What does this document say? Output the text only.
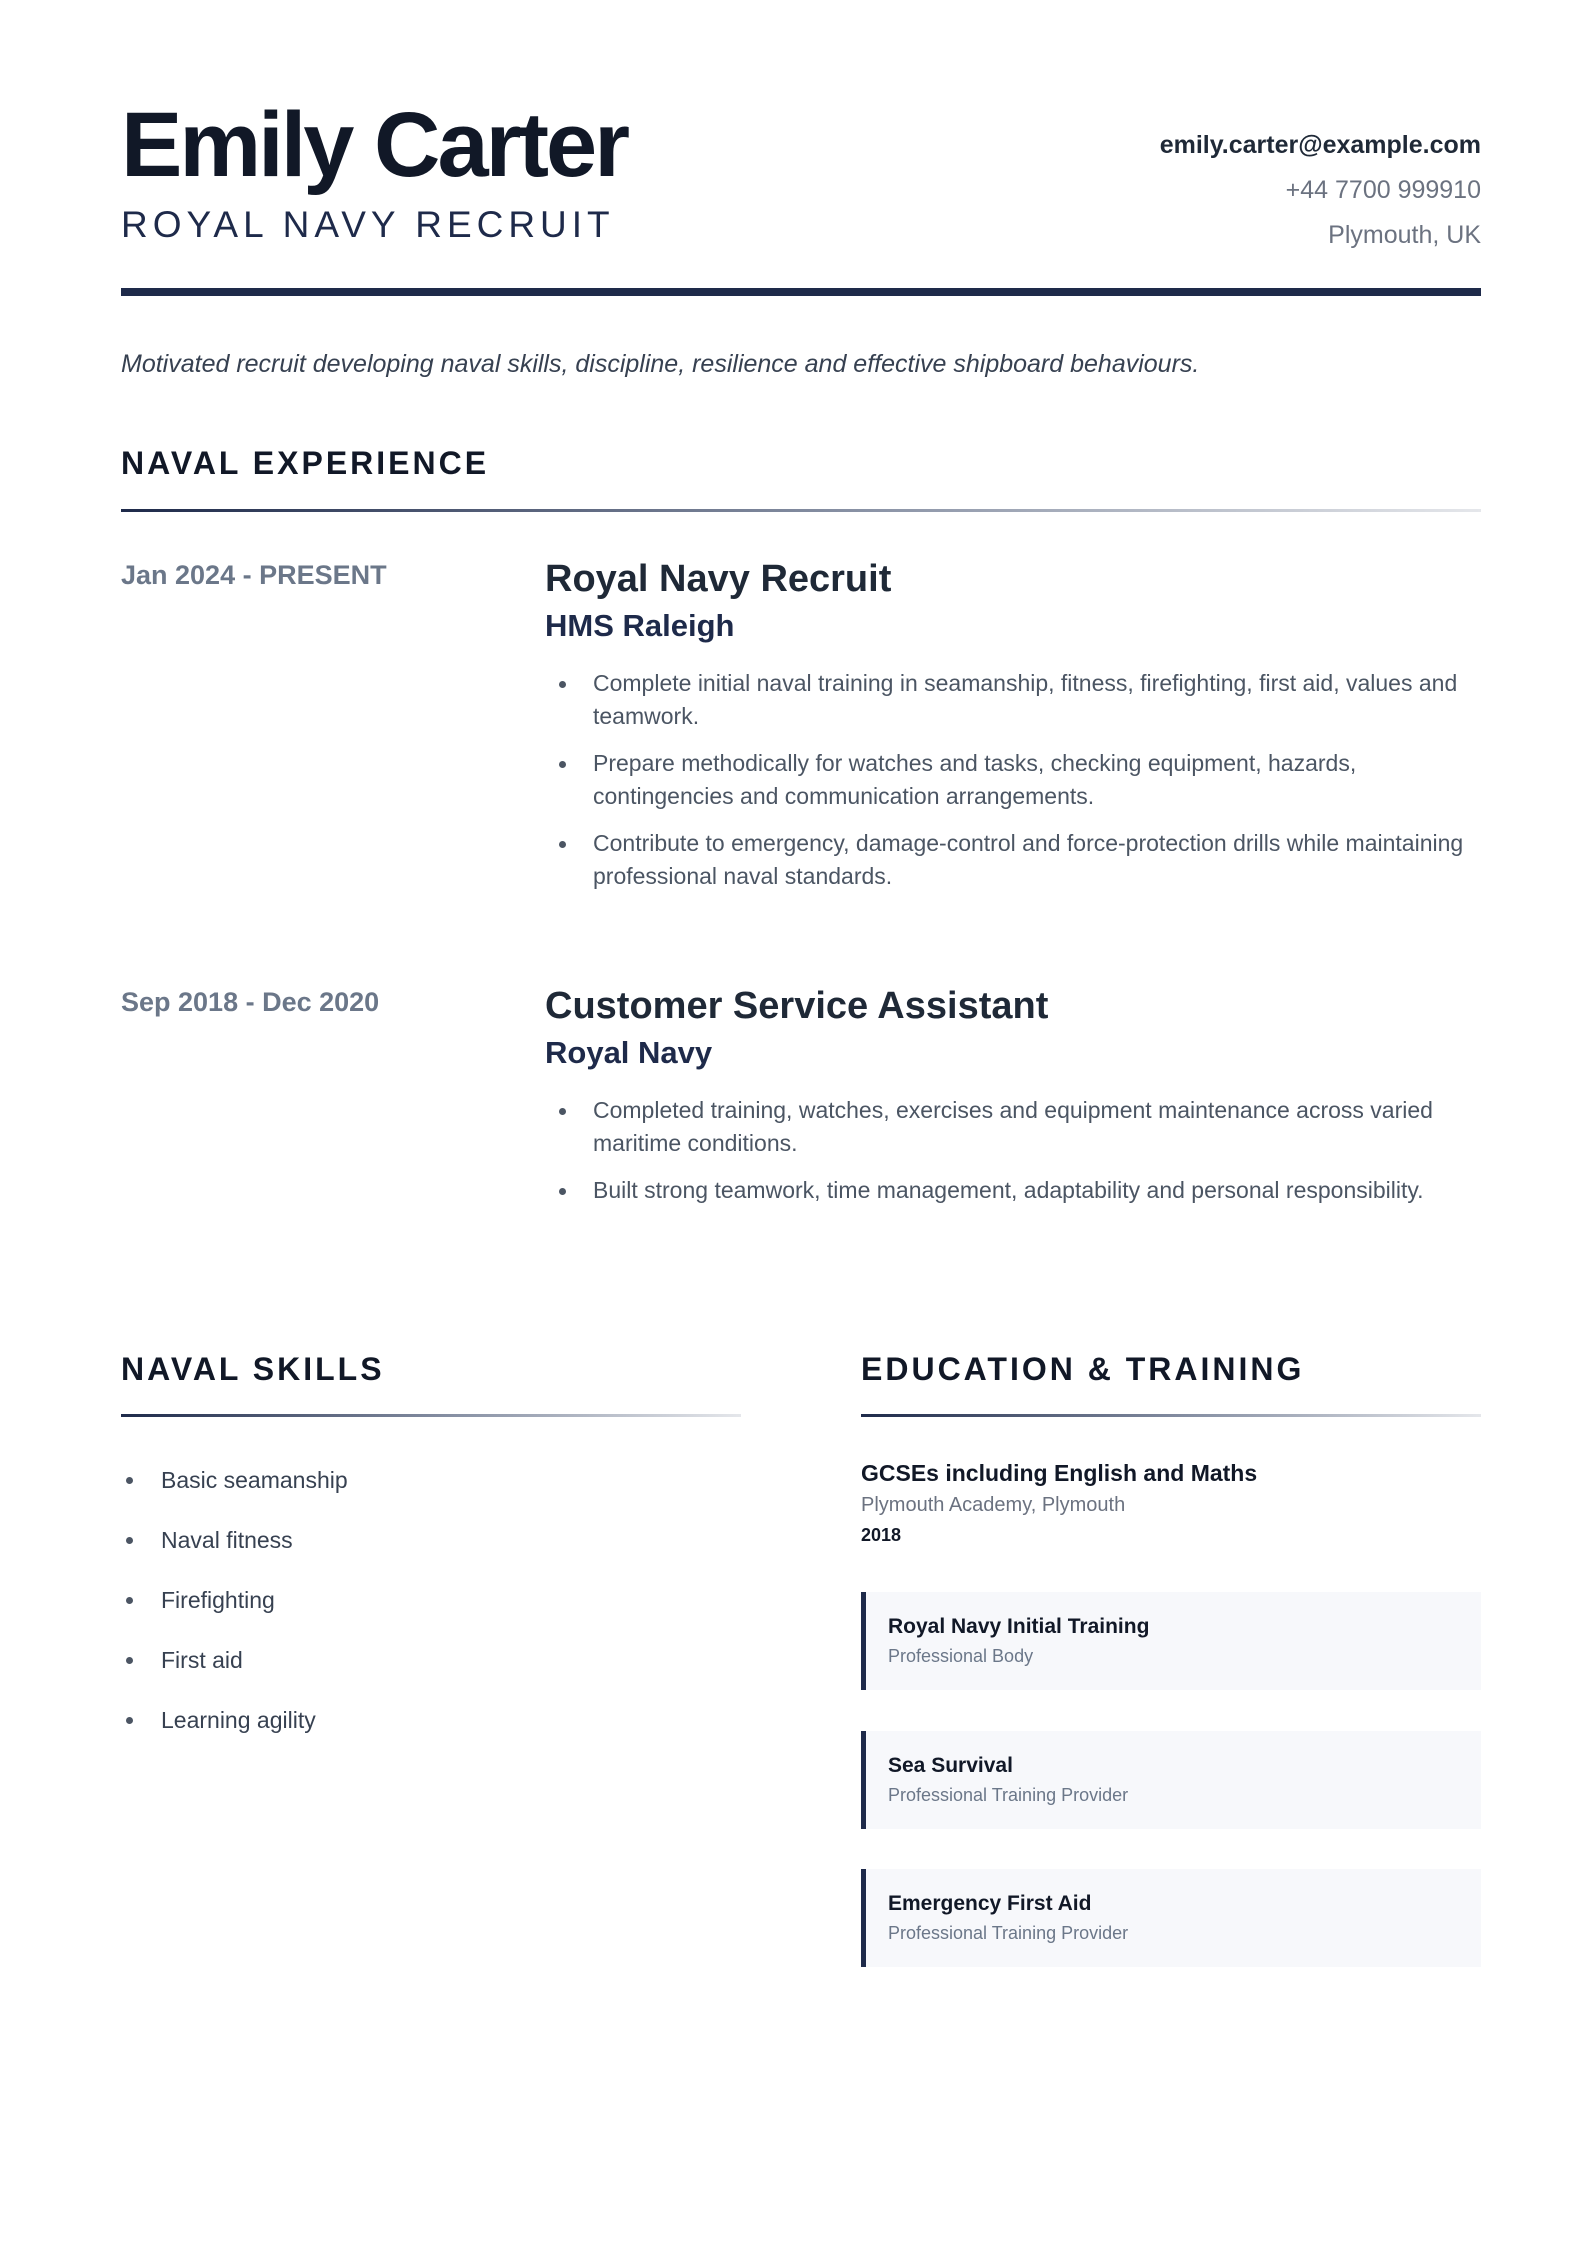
Emily Carter
ROYAL NAVY RECRUIT
emily.carter@example.com
+44 7700 999910
Plymouth, UK
Motivated recruit developing naval skills, discipline, resilience and effective shipboard behaviours.
NAVAL EXPERIENCE
Jan 2024 - PRESENT	Royal Navy Recruit
HMS Raleigh
Complete initial naval training in seamanship, fitness, firefighting, first aid, values and teamwork.
Prepare methodically for watches and tasks, checking equipment, hazards, contingencies and communication arrangements.
Contribute to emergency, damage-control and force-protection drills while maintaining professional naval standards.
Sep 2018 - Dec 2020	Customer Service Assistant
Royal Navy
Completed training, watches, exercises and equipment maintenance across varied maritime conditions.
Built strong teamwork, time management, adaptability and personal responsibility.
NAVAL SKILLS
Basic seamanship
Naval fitness
Firefighting
First aid
Learning agility
EDUCATION & TRAINING
GCSEs including English and Maths
Plymouth Academy, Plymouth
2018
Royal Navy Initial Training
Professional Body
Sea Survival
Professional Training Provider
Emergency First Aid
Professional Training Provider
